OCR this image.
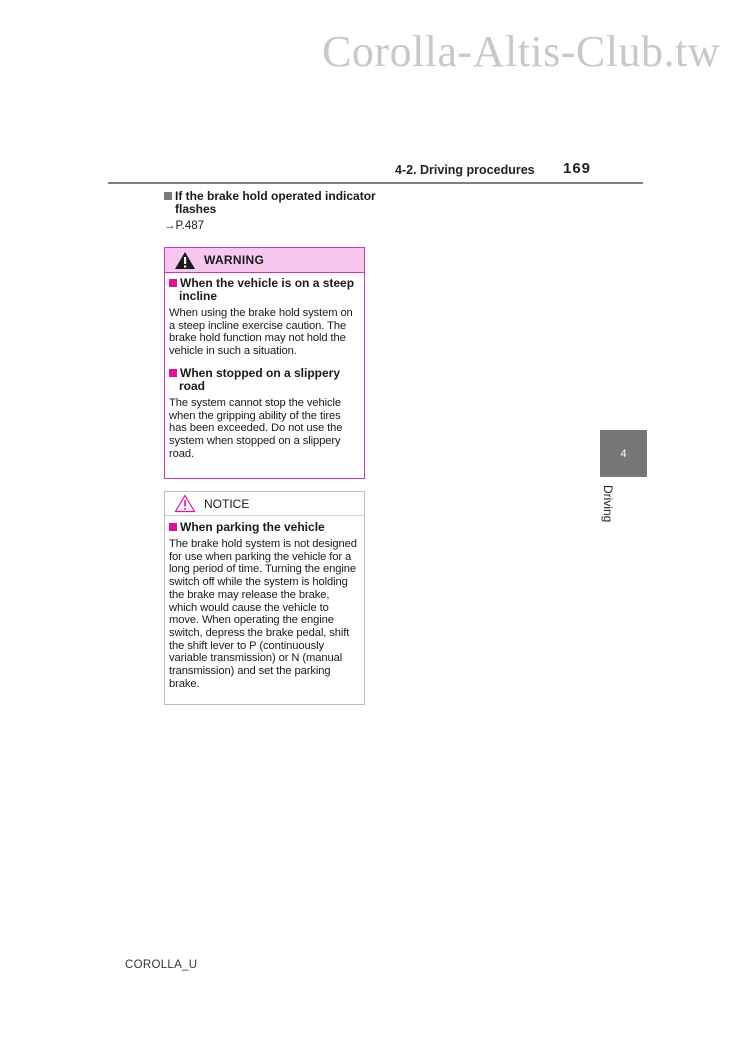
Corolla-Altis-Club.tw
4-2. Driving procedures 169
If the brake hold operated indicator flashes
→P.487
WARNING
When the vehicle is on a steep incline
When using the brake hold system on a steep incline exercise caution. The brake hold function may not hold the vehicle in such a situation.
When stopped on a slippery road
The system cannot stop the vehicle when the gripping ability of the tires has been exceeded. Do not use the system when stopped on a slippery road.
NOTICE
When parking the vehicle
The brake hold system is not designed for use when parking the vehicle for a long period of time. Turning the engine switch off while the system is holding the brake may release the brake, which would cause the vehicle to move. When operating the engine switch, depress the brake pedal, shift the shift lever to P (continuously variable transmission) or N (manual transmission) and set the parking brake.
4
Driving
COROLLA_U
